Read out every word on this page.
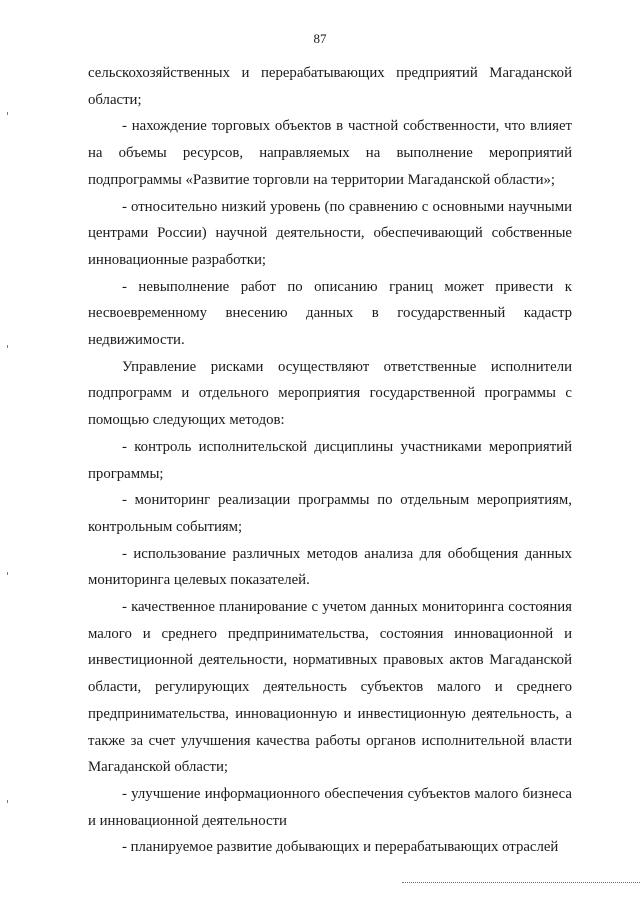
87

сельскохозяйственных и перерабатывающих предприятий Магаданской области;

- нахождение торговых объектов в частной собственности, что влияет на объемы ресурсов, направляемых на выполнение мероприятий подпрограммы «Развитие торговли на территории Магаданской области»;

- относительно низкий уровень (по сравнению с основными научными центрами России) научной деятельности, обеспечивающий собственные инновационные разработки;

- невыполнение работ по описанию границ может привести к несвоевременному внесению данных в государственный кадастр недвижимости.

Управление рисками осуществляют ответственные исполнители подпрограмм и отдельного мероприятия государственной программы с помощью следующих методов:

- контроль исполнительской дисциплины участниками мероприятий программы;

- мониторинг реализации программы по отдельным мероприятиям, контрольным событиям;

- использование различных методов анализа для обобщения данных мониторинга целевых показателей.

- качественное планирование с учетом данных мониторинга состояния малого и среднего предпринимательства, состояния инновационной и инвестиционной деятельности, нормативных правовых актов Магаданской области, регулирующих деятельность субъектов малого и среднего предпринимательства, инновационную и инвестиционную деятельность, а также за счет улучшения качества работы органов исполнительной власти Магаданской области;

- улучшение информационного обеспечения субъектов малого бизнеса и инновационной деятельности

- планируемое развитие добывающих и перерабатывающих отраслей
